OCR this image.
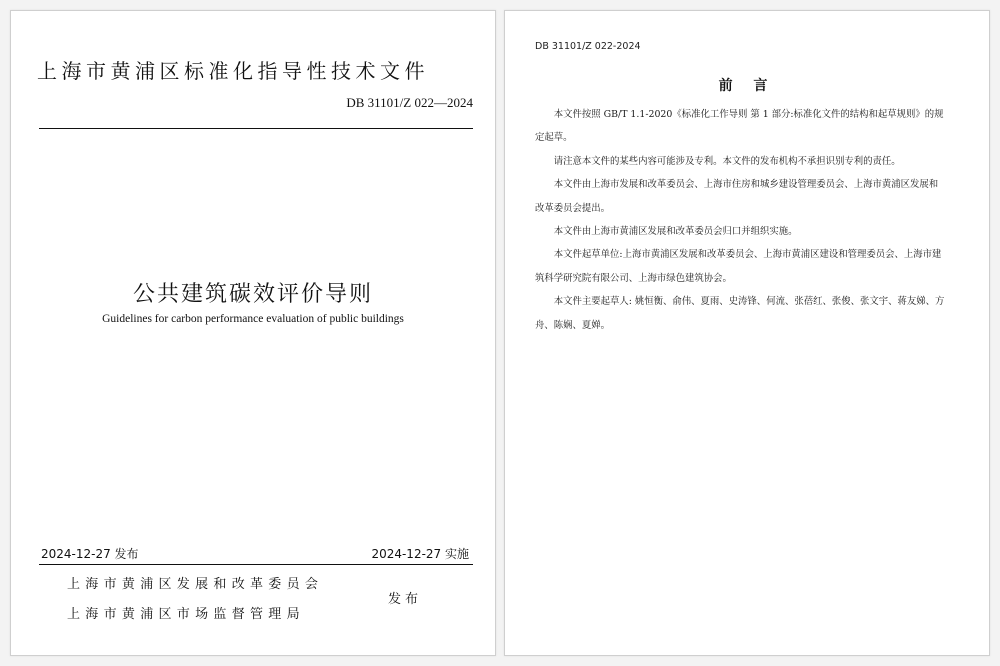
上海市黄浦区标准化指导性技术文件
DB 31101/Z 022—2024
公共建筑碳效评价导则
Guidelines for carbon performance evaluation of public buildings
2024-12-27 发布	2024-12-27 实施
上海市黄浦区发展和改革委员会
上海市黄浦区市场监督管理局
发布
DB 31101/Z 022-2024
前 言

本文件按照 GB/T 1.1-2020《标准化工作导则 第 1 部分:标准化文件的结构和起草规则》的规定起草。

请注意本文件的某些内容可能涉及专利。本文件的发布机构不承担识别专利的责任。

本文件由上海市发展和改革委员会、上海市住房和城乡建设管理委员会、上海市黄浦区发展和改革委员会提出。

本文件由上海市黄浦区发展和改革委员会归口并组织实施。

本文件起草单位:上海市黄浦区发展和改革委员会、上海市黄浦区建设和管理委员会、上海市建筑科学研究院有限公司、上海市绿色建筑协会。

本文件主要起草人: 姚恒衡、俞伟、夏雨、史涛锋、何流、张蓓红、张俊、张文宇、蒋友娣、方舟、陈娴、夏婵。
